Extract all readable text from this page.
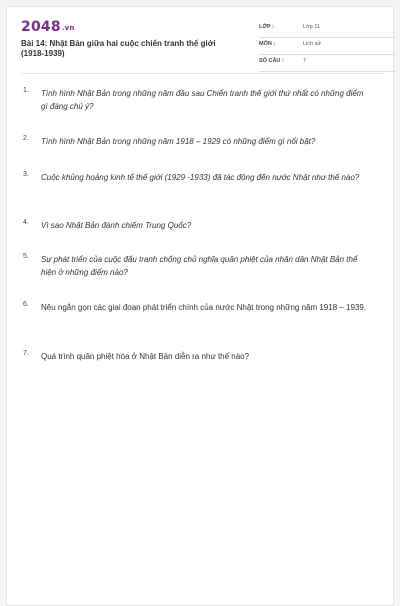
2048.vn
Bài 14: Nhật Bản giữa hai cuộc chiến tranh thế giới (1918-1939)
LỚP :	Lớp 11
MÔN :	Lịch sử
SỐ CÂU :	7
1. Tình hình Nhật Bản trong những năm đầu sau Chiến tranh thế giới thứ nhất có những điểm gì đáng chú ý?
2. Tình hình Nhật Bản trong những năm 1918 – 1929 có những điểm gì nổi bật?
3. Cuộc khủng hoảng kinh tế thế giới (1929 -1933) đã tác động đến nước Nhật như thế nào?
4. Vì sao Nhật Bản đánh chiếm Trung Quốc?
5. Sự phát triển của cuộc đấu tranh chống chủ nghĩa quân phiệt của nhân dân Nhật Bản thể hiện ở những điểm nào?
6. Nêu ngắn gọn các giai đoạn phát triển chính của nước Nhật trong những năm 1918 – 1939.
7. Quá trình quân phiệt hóa ở Nhật Bản diễn ra như thế nào?
